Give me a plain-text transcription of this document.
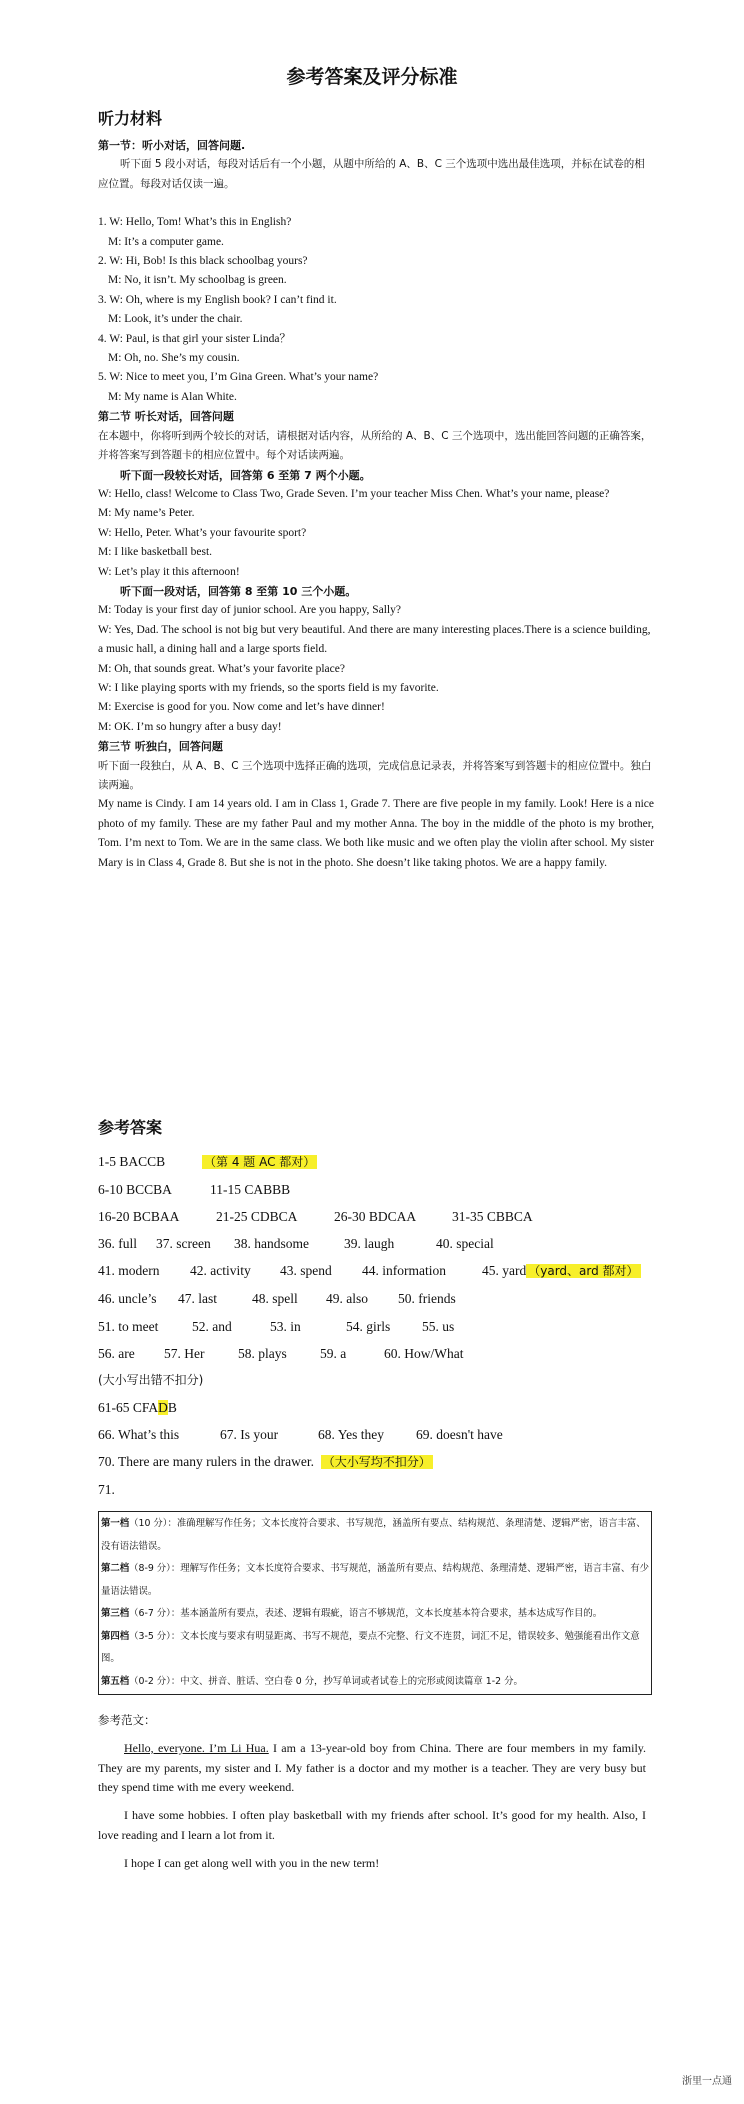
参考答案及评分标准
听力材料

第一节：听小对话，回答问题.

听下面 5 段小对话，每段对话后有一个小题，从题中所给的 A、B、C 三个选项中选出最佳选项，并标在试卷的相应位置。每段对话仅读一遍。

1. W: Hello, Tom! What’s this in English?

M: It’s a computer game.

2. W: Hi, Bob! Is this black schoolbag yours?

M: No, it isn’t. My schoolbag is green.

3. W: Oh, where is my English book? I can’t find it.

M: Look, it’s under the chair.

4. W: Paul, is that girl your sister Linda？

M: Oh, no. She’s my cousin.

5. W: Nice to meet you, I’m Gina Green. What’s your name?

M: My name is Alan White.

第二节 听长对话，回答问题

在本题中，你将听到两个较长的对话，请根据对话内容，从所给的 A、B、C 三个选项中，选出能回答问题的正确答案，并将答案写到答题卡的相应位置中。每个对话读两遍。

听下面一段较长对话，回答第 6 至第 7 两个小题。

W: Hello, class! Welcome to Class Two, Grade Seven. I’m your teacher Miss Chen. What’s your name, please?

M: My name’s Peter.

W: Hello, Peter. What’s your favourite sport?

M: I like basketball best.

W: Let’s play it this afternoon!

听下面一段对话，回答第 8 至第 10 三个小题。

M: Today is your first day of junior school. Are you happy, Sally?

W: Yes, Dad. The school is not big but very beautiful. And there are many interesting places.There is a science building, a music hall, a dining hall and a large sports field.

M: Oh, that sounds great. What’s your favorite place?

W: I like playing sports with my friends, so the sports field is my favorite.

M: Exercise is good for you. Now come and let’s have dinner!

M: OK. I’m so hungry after a busy day!

第三节 听独白，回答问题

听下面一段独白，从 A、B、C 三个选项中选择正确的选项，完成信息记录表，并将答案写到答题卡的相应位置中。独白读两遍。

My name is Cindy. I am 14 years old. I am in Class 1, Grade 7. There are five people in my family. Look! Here is a nice photo of my family. These are my father Paul and my mother Anna. The boy in the middle of the photo is my brother, Tom. I’m next to Tom. We are in the same class. We both like music and we often play the violin after school. My sister Mary is in Class 4, Grade 8. But she is not in the photo. She doesn’t like taking photos. We are a happy family.

参考答案

1-5 BACCB	（第 4 题 AC 都对）

6-10 BCCBA	11-15 CABBB

16-20 BCBAA	21-25 CDBCA	26-30 BDCAA	31-35 CBBCA

36. full 37. screen 38. handsome	39. laugh	40. special

41. modern 42. activity 43. spend 44. information	45. yard （yard、ard 都对）

46. uncle’s 47. last	48. spell 49. also 50. friends

51. to meet 52. and	53. in	54. girls 55. us

56. are 57. Her 58. plays 59. a	60. How/What

(大小写出错不扣分)

61-65 CFADB

66. What’s this	67. Is your	68. Yes they 69. doesn't have

70. There are many rulers in the drawer. （大小写均不扣分）

71.

第一档（10 分）：准确理解写作任务；文本长度符合要求、书写规范，涵盖所有要点、结构规范、条理清楚、逻辑严密，语言丰富、没有语法错误。

第二档（8-9 分）：理解写作任务；文本长度符合要求、书写规范，涵盖所有要点、结构规范、条理清楚、逻辑严密，语言丰富、有少量语法错误。

第三档（6-7 分）：基本涵盖所有要点，表述、逻辑有瑕疵，语言不够规范，文本长度基本符合要求，基本达成写作目的。

第四档（3-5 分）：文本长度与要求有明显距离、书写不规范，要点不完整、行文不连贯，词汇不足，错误较多、勉强能看出作文意图。

第五档（0-2 分）：中文、拼音、脏话、空白卷 0 分，抄写单词或者试卷上的完形或阅读篇章 1-2 分。

参考范文：

Hello, everyone. I’m Li Hua. I am a 13-year-old boy from China. There are four members in my family. They are my parents, my sister and I. My father is a doctor and my mother is a teacher. They are very busy but they spend time with me every weekend.

I have some hobbies. I often play basketball with my friends after school. It’s good for my health. Also, I love reading and I learn a lot from it.

I hope I can get along well with you in the new term!

浙里一点通
